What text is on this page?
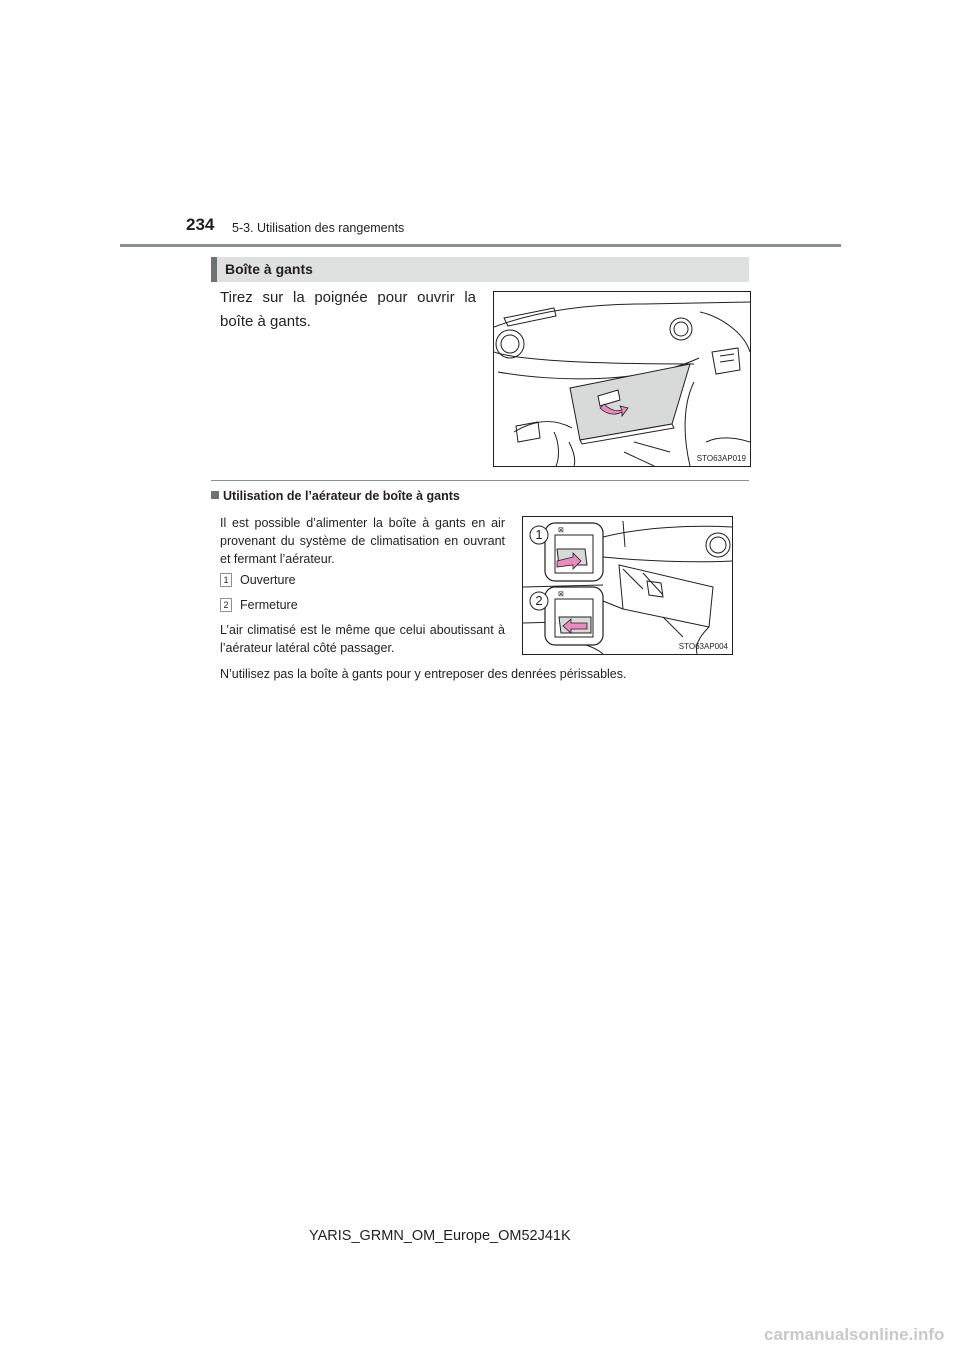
234 5-3. Utilisation des rangements
Boîte à gants
Tirez sur la poignée pour ouvrir la boîte à gants.
STO63AP019
Utilisation de l’aérateur de boîte à gants
Il est possible d’alimenter la boîte à gants en air provenant du système de climatisation en ouvrant et fermant l’aérateur.
1 Ouverture
2 Fermeture
L’air climatisé est le même que celui aboutissant à l’aérateur latéral côté passager.
⊠
⊠
1
2
STO63AP004
N’utilisez pas la boîte à gants pour y entreposer des denrées périssables.
YARIS_GRMN_OM_Europe_OM52J41K
carmanualsonline.info
